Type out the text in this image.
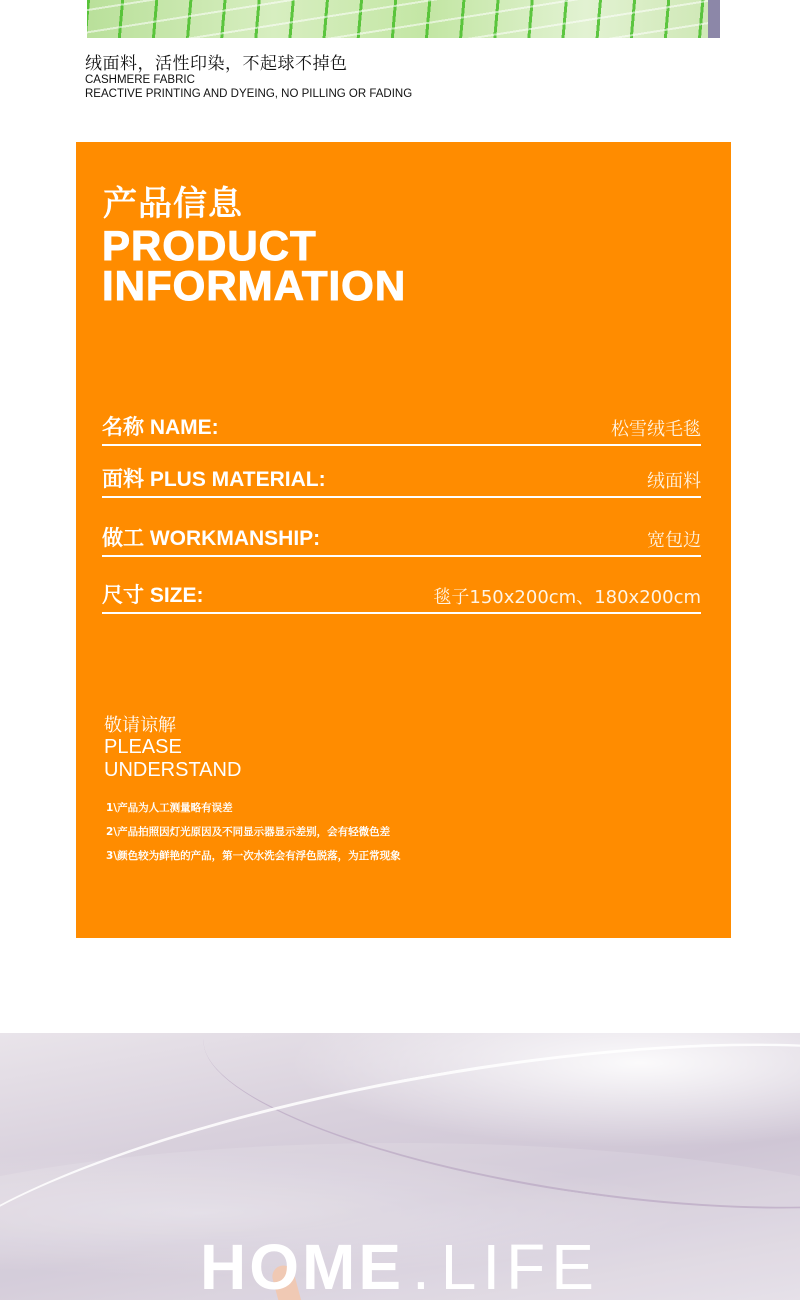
绒面料，活性印染，不起球不掉色
CASHMERE FABRIC
REACTIVE PRINTING AND DYEING, NO PILLING OR FADING
产品信息
PRODUCT
INFORMATION
名称 NAME:	松雪绒毛毯
面料 PLUS MATERIAL:	绒面料
做工 WORKMANSHIP:	宽包边
尺寸 SIZE:	毯子150x200cm、180x200cm
敬请谅解
PLEASE
UNDERSTAND
1\产品为人工测量略有误差
2\产品拍照因灯光原因及不同显示器显示差别，会有轻微色差
3\颜色较为鲜艳的产品，第一次水洗会有浮色脱落，为正常现象
HOME . LIFE
